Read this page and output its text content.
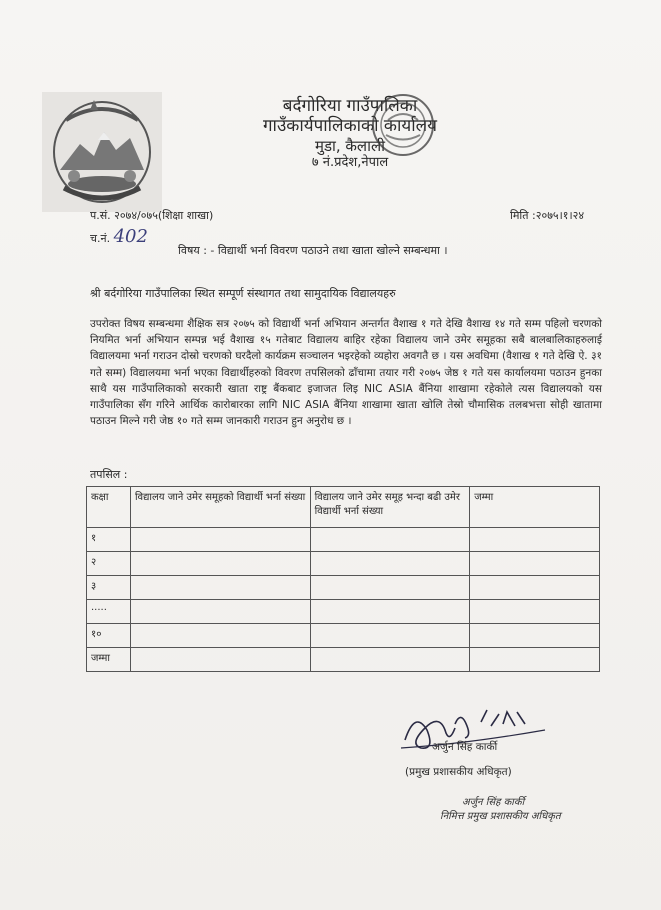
बर्दगोरिया गाउँपालिका
गाउँकार्यपालिकाको कार्यालय
मुडा, कैलाली
७ नं.प्रदेश,नेपाल
प.सं. २०७४/०७५(शिक्षा शाखा)
च.नं. 402
मिति :२०७५।१।२४
विषय : - विद्यार्थी भर्ना विवरण पठाउने तथा खाता खोल्ने सम्बन्धमा ।
श्री बर्दगोरिया गाउँपालिका स्थित सम्पूर्ण संस्थागत तथा सामुदायिक विद्यालयहरु
उपरोक्त विषय सम्बन्धमा शैक्षिक सत्र २०७५ को विद्यार्थी भर्ना अभियान अन्तर्गत वैशाख १ गते देखि वैशाख १४ गते सम्म पहिलो चरणको नियमित भर्ना अभियान सम्पन्न भई वैशाख १५ गतेबाट विद्यालय बाहिर रहेका विद्यालय जाने उमेर समूहका सबै बालबालिकाहरुलाई विद्यालयमा भर्ना गराउन दोस्रो चरणको घरदैलो कार्यक्रम सञ्चालन भइरहेको व्यहोरा अवगतै छ । यस अवधिमा (वैशाख १ गते देखि ऐ. ३१ गते सम्म) विद्यालयमा भर्ना भएका विद्यार्थीहरुको विवरण तपसिलको ढाँचामा तयार गरी २०७५ जेष्ठ १ गते यस कार्यालयमा पठाउन हुनका साथै यस गाउँपालिकाको सरकारी खाता राष्ट्र बैंकबाट इजाजत लिइ NIC ASIA बैंनिया शाखामा रहेकोले त्यस विद्यालयको यस गाउँपालिका सँग गरिने आर्थिक कारोबारका लागि NIC ASIA बैंनिया शाखामा खाता खोलि तेस्रो चौमासिक तलबभत्ता सोही खातामा पठाउन मिल्ने गरी जेष्ठ १० गते सम्म जानकारी गराउन हुन अनुरोध छ ।
तपसिल :
कक्षा	विद्यालय जाने उमेर समूहको विद्यार्थी भर्ना संख्या	विद्यालय जाने उमेर समूह भन्दा बढी उमेर विद्यार्थी भर्ना संख्या	जम्मा
१			
२			
३			
.....			
१०			
जम्मा			
अर्जुन सिंह कार्की
(प्रमुख प्रशासकीय अधिकृत)
अर्जुन सिंह कार्की
निमित्त प्रमुख प्रशासकीय अधिकृत
